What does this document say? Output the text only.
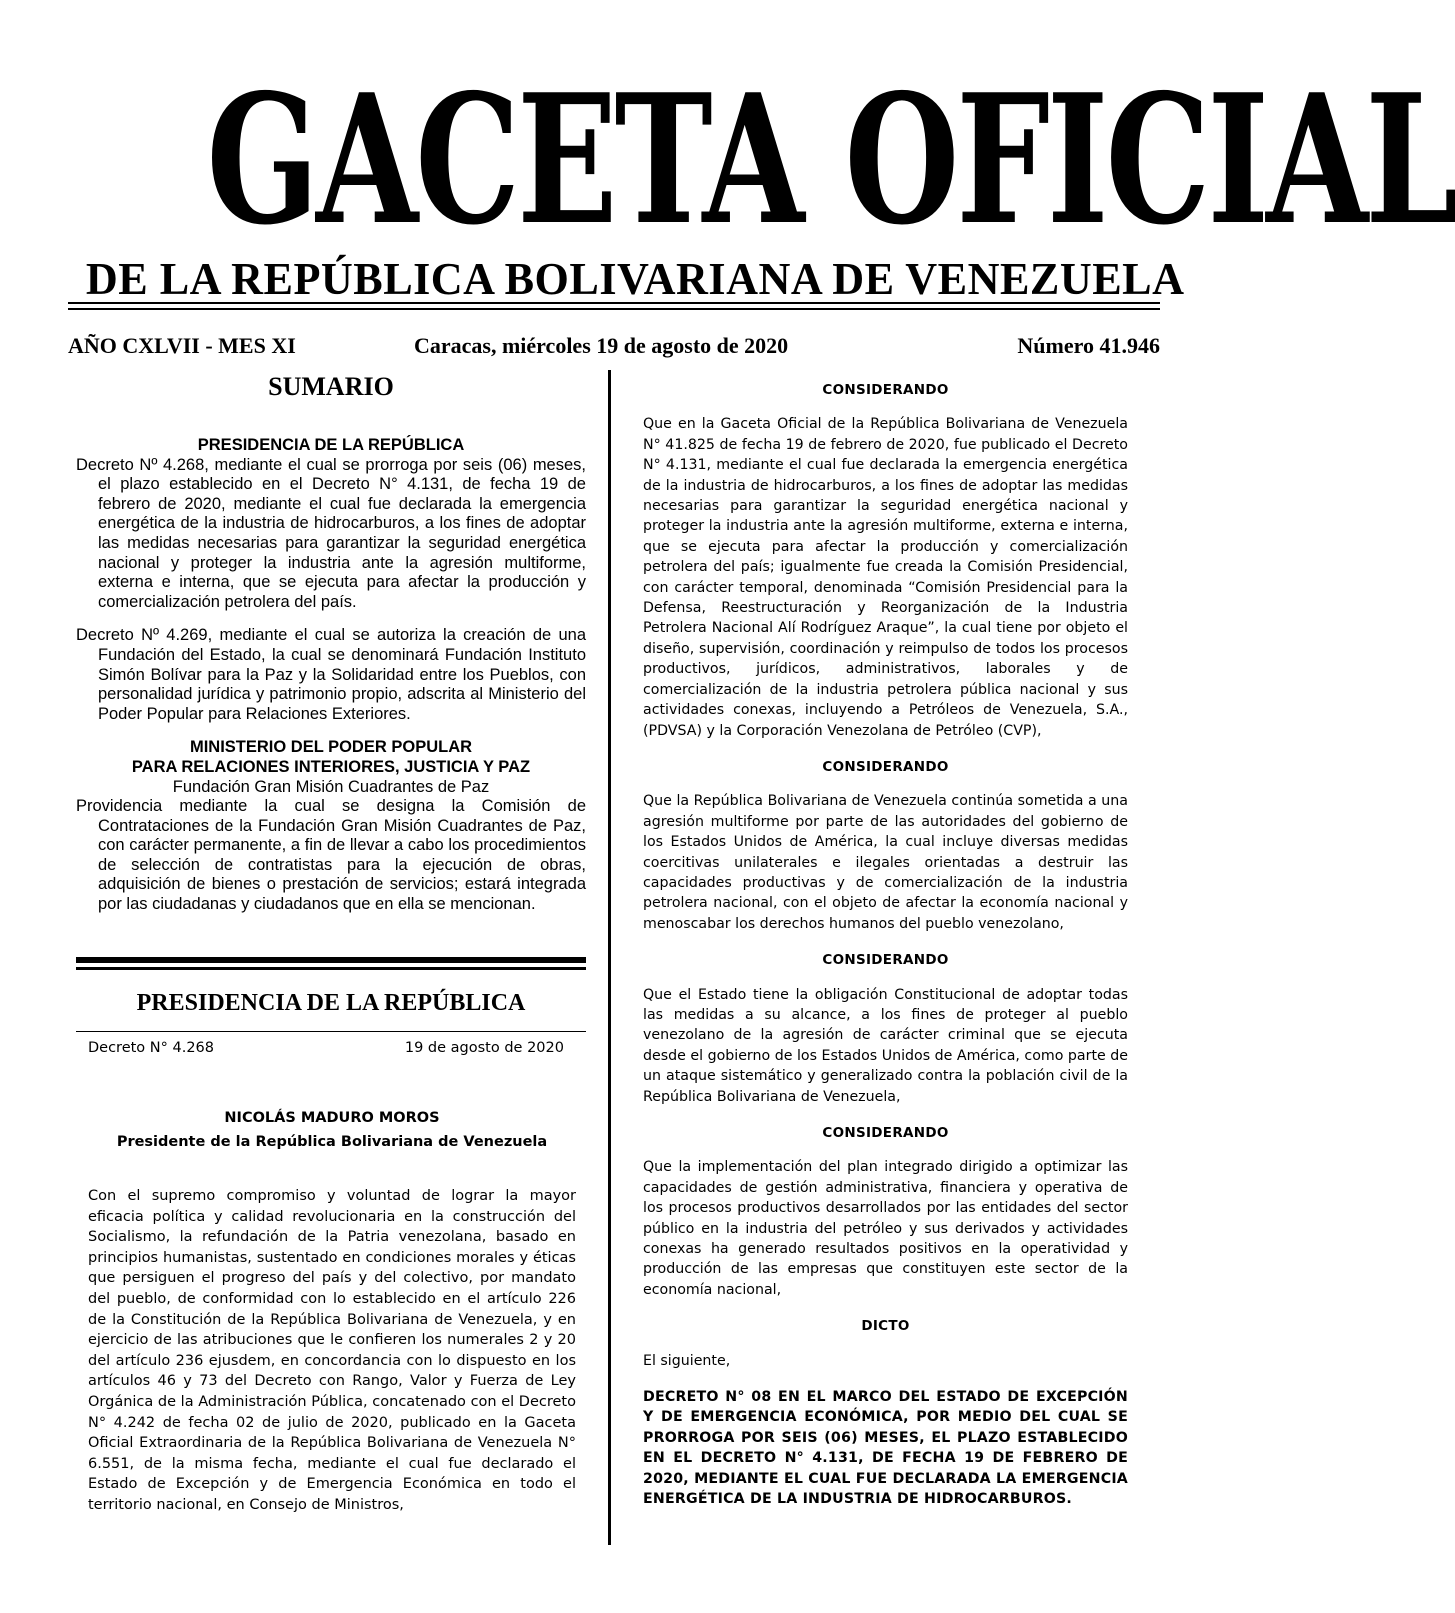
GACETA OFICIAL
DE LA REPÚBLICA BOLIVARIANA DE VENEZUELA
AÑO CXLVII - MES XI	Caracas, miércoles 19 de agosto de 2020	Número 41.946
SUMARIO

PRESIDENCIA DE LA REPÚBLICA

Decreto Nº 4.268, mediante el cual se prorroga por seis (06) meses, el plazo establecido en el Decreto N° 4.131, de fecha 19 de febrero de 2020, mediante el cual fue declarada la emergencia energética de la industria de hidrocarburos, a los fines de adoptar las medidas necesarias para garantizar la seguridad energética nacional y proteger la industria ante la agresión multiforme, externa e interna, que se ejecuta para afectar la producción y comercialización petrolera del país.

Decreto Nº 4.269, mediante el cual se autoriza la creación de una Fundación del Estado, la cual se denominará Fundación Instituto Simón Bolívar para la Paz y la Solidaridad entre los Pueblos, con personalidad jurídica y patrimonio propio, adscrita al Ministerio del Poder Popular para Relaciones Exteriores.

MINISTERIO DEL PODER POPULAR

PARA RELACIONES INTERIORES, JUSTICIA Y PAZ

Fundación Gran Misión Cuadrantes de Paz

Providencia mediante la cual se designa la Comisión de Contrataciones de la Fundación Gran Misión Cuadrantes de Paz, con carácter permanente, a fin de llevar a cabo los procedimientos de selección de contratistas para la ejecución de obras, adquisición de bienes o prestación de servicios; estará integrada por las ciudadanas y ciudadanos que en ella se mencionan.

PRESIDENCIA DE LA REPÚBLICA
Decreto N° 4.268	19 de agosto de 2020
NICOLÁS MADURO MOROS
Presidente de la República Bolivariana de Venezuela

Con el supremo compromiso y voluntad de lograr la mayor eficacia política y calidad revolucionaria en la construcción del Socialismo, la refundación de la Patria venezolana, basado en principios humanistas, sustentado en condiciones morales y éticas que persiguen el progreso del país y del colectivo, por mandato del pueblo, de conformidad con lo establecido en el artículo 226 de la Constitución de la República Bolivariana de Venezuela, y en ejercicio de las atribuciones que le confieren los numerales 2 y 20 del artículo 236 ejusdem, en concordancia con lo dispuesto en los artículos 46 y 73 del Decreto con Rango, Valor y Fuerza de Ley Orgánica de la Administración Pública, concatenado con el Decreto N° 4.242 de fecha 02 de julio de 2020, publicado en la Gaceta Oficial Extraordinaria de la República Bolivariana de Venezuela N° 6.551, de la misma fecha, mediante el cual fue declarado el Estado de Excepción y de Emergencia Económica en todo el territorio nacional, en Consejo de Ministros,

CONSIDERANDO

Que en la Gaceta Oficial de la República Bolivariana de Venezuela N° 41.825 de fecha 19 de febrero de 2020, fue publicado el Decreto N° 4.131, mediante el cual fue declarada la emergencia energética de la industria de hidrocarburos, a los fines de adoptar las medidas necesarias para garantizar la seguridad energética nacional y proteger la industria ante la agresión multiforme, externa e interna, que se ejecuta para afectar la producción y comercialización petrolera del país; igualmente fue creada la Comisión Presidencial, con carácter temporal, denominada “Comisión Presidencial para la Defensa, Reestructuración y Reorganización de la Industria Petrolera Nacional Alí Rodríguez Araque”, la cual tiene por objeto el diseño, supervisión, coordinación y reimpulso de todos los procesos productivos, jurídicos, administrativos, laborales y de comercialización de la industria petrolera pública nacional y sus actividades conexas, incluyendo a Petróleos de Venezuela, S.A., (PDVSA) y la Corporación Venezolana de Petróleo (CVP),

CONSIDERANDO

Que la República Bolivariana de Venezuela continúa sometida a una agresión multiforme por parte de las autoridades del gobierno de los Estados Unidos de América, la cual incluye diversas medidas coercitivas unilaterales e ilegales orientadas a destruir las capacidades productivas y de comercialización de la industria petrolera nacional, con el objeto de afectar la economía nacional y menoscabar los derechos humanos del pueblo venezolano,

CONSIDERANDO

Que el Estado tiene la obligación Constitucional de adoptar todas las medidas a su alcance, a los fines de proteger al pueblo venezolano de la agresión de carácter criminal que se ejecuta desde el gobierno de los Estados Unidos de América, como parte de un ataque sistemático y generalizado contra la población civil de la República Bolivariana de Venezuela,

CONSIDERANDO

Que la implementación del plan integrado dirigido a optimizar las capacidades de gestión administrativa, financiera y operativa de los procesos productivos desarrollados por las entidades del sector público en la industria del petróleo y sus derivados y actividades conexas ha generado resultados positivos en la operatividad y producción de las empresas que constituyen este sector de la economía nacional,

DICTO

El siguiente,

DECRETO N° 08 EN EL MARCO DEL ESTADO DE EXCEPCIÓN Y DE EMERGENCIA ECONÓMICA, POR MEDIO DEL CUAL SE PRORROGA POR SEIS (06) MESES, EL PLAZO ESTABLECIDO EN EL DECRETO N° 4.131, DE FECHA 19 DE FEBRERO DE 2020, MEDIANTE EL CUAL FUE DECLARADA LA EMERGENCIA ENERGÉTICA DE LA INDUSTRIA DE HIDROCARBUROS.
